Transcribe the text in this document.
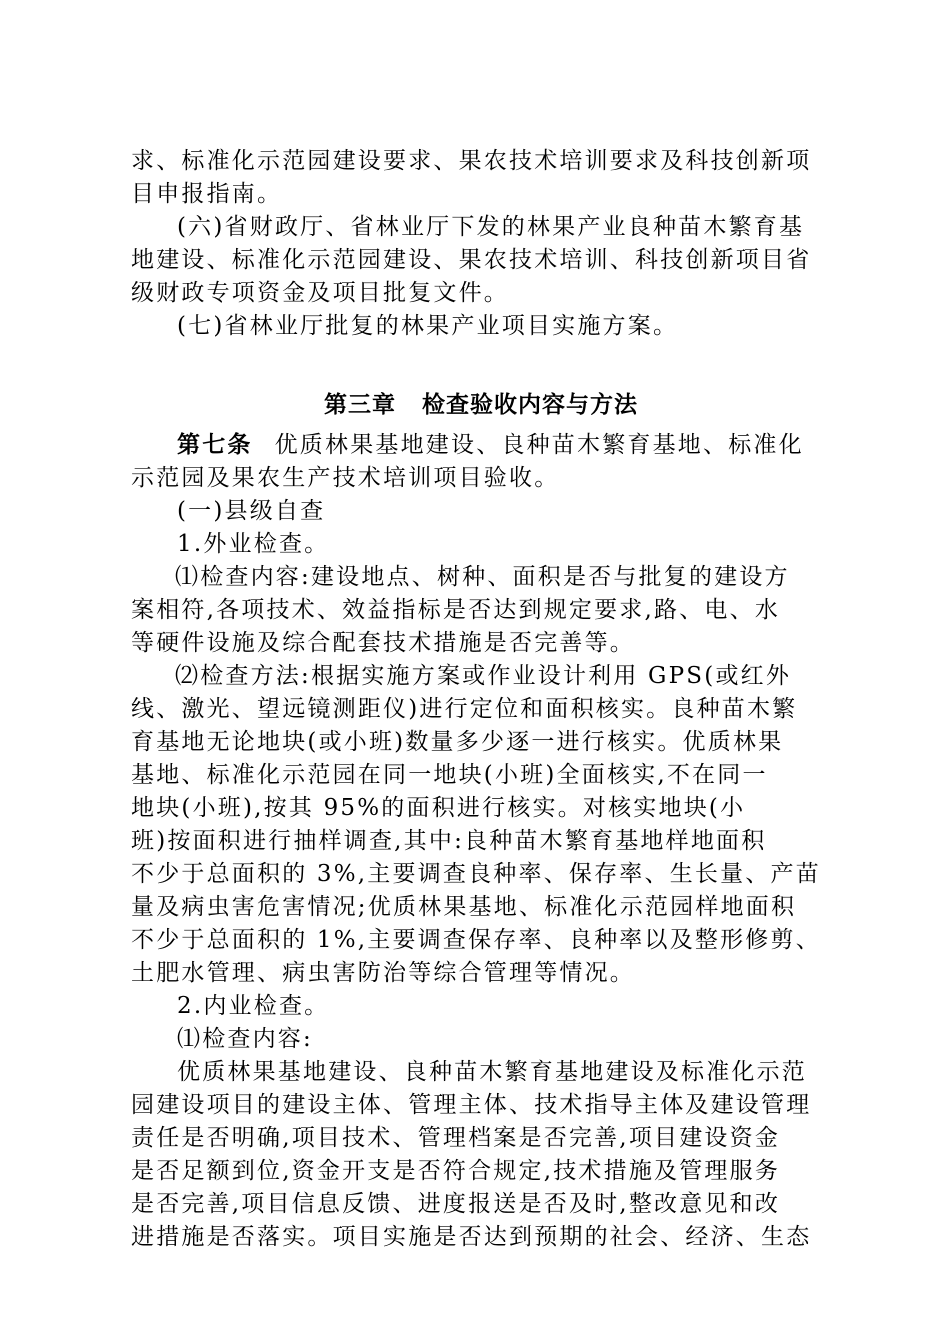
求、标准化示范园建设要求、果农技术培训要求及科技创新项
目申报指南。
(六)省财政厅、省林业厅下发的林果产业良种苗木繁育基
地建设、标准化示范园建设、果农技术培训、科技创新项目省
级财政专项资金及项目批复文件。
(七)省林业厅批复的林果产业项目实施方案。
第三章 检查验收内容与方法
第七条 优质林果基地建设、良种苗木繁育基地、标准化
示范园及果农生产技术培训项目验收。
(一)县级自查
1.外业检查。
⑴检查内容:建设地点、树种、面积是否与批复的建设方
案相符,各项技术、效益指标是否达到规定要求,路、电、水
等硬件设施及综合配套技术措施是否完善等。
⑵检查方法:根据实施方案或作业设计利用 GPS(或红外
线、激光、望远镜测距仪)进行定位和面积核实。良种苗木繁
育基地无论地块(或小班)数量多少逐一进行核实。优质林果
基地、标准化示范园在同一地块(小班)全面核实,不在同一
地块(小班),按其 95%的面积进行核实。对核实地块(小
班)按面积进行抽样调查,其中:良种苗木繁育基地样地面积
不少于总面积的 3%,主要调查良种率、保存率、生长量、产苗
量及病虫害危害情况;优质林果基地、标准化示范园样地面积
不少于总面积的 1%,主要调查保存率、良种率以及整形修剪、
土肥水管理、病虫害防治等综合管理等情况。
2.内业检查。
⑴检查内容:
优质林果基地建设、良种苗木繁育基地建设及标准化示范
园建设项目的建设主体、管理主体、技术指导主体及建设管理
责任是否明确,项目技术、管理档案是否完善,项目建设资金
是否足额到位,资金开支是否符合规定,技术措施及管理服务
是否完善,项目信息反馈、进度报送是否及时,整改意见和改
进措施是否落实。项目实施是否达到预期的社会、经济、生态
